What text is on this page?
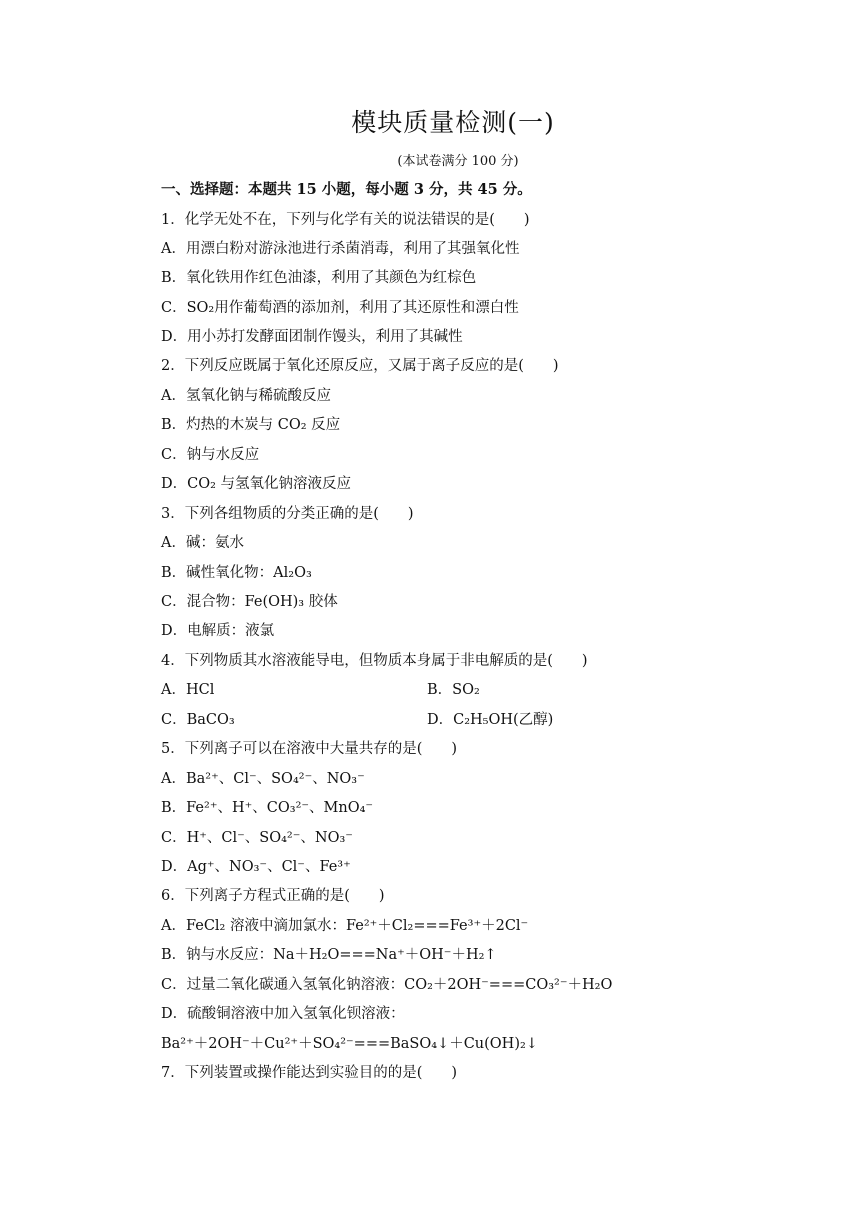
模块质量检测(一)
(本试卷满分 100 分)
一、选择题：本题共 15 小题，每小题 3 分，共 45 分。
1．化学无处不在，下列与化学有关的说法错误的是(　　)
A．用漂白粉对游泳池进行杀菌消毒，利用了其强氧化性
B．氧化铁用作红色油漆，利用了其颜色为红棕色
C．SO₂用作葡萄酒的添加剂，利用了其还原性和漂白性
D．用小苏打发酵面团制作馒头，利用了其碱性
2．下列反应既属于氧化还原反应，又属于离子反应的是(　　)
A．氢氧化钠与稀硫酸反应
B．灼热的木炭与 CO₂ 反应
C．钠与水反应
D．CO₂ 与氢氧化钠溶液反应
3．下列各组物质的分类正确的是(　　)
A．碱：氨水
B．碱性氧化物：Al₂O₃
C．混合物：Fe(OH)₃ 胶体
D．电解质：液氯
4．下列物质其水溶液能导电，但物质本身属于非电解质的是(　　)
A．HCl	B．SO₂
C．BaCO₃	D．C₂H₅OH(乙醇)
5．下列离子可以在溶液中大量共存的是(　　)
A．Ba²⁺、Cl⁻、SO₄²⁻、NO₃⁻
B．Fe²⁺、H⁺、CO₃²⁻、MnO₄⁻
C．H⁺、Cl⁻、SO₄²⁻、NO₃⁻
D．Ag⁺、NO₃⁻、Cl⁻、Fe³⁺
6．下列离子方程式正确的是(　　)
A．FeCl₂ 溶液中滴加氯水：Fe²⁺＋Cl₂===Fe³⁺＋2Cl⁻
B．钠与水反应：Na＋H₂O===Na⁺＋OH⁻＋H₂↑
C．过量二氧化碳通入氢氧化钠溶液：CO₂＋2OH⁻===CO₃²⁻＋H₂O
D．硫酸铜溶液中加入氢氧化钡溶液：
Ba²⁺＋2OH⁻＋Cu²⁺＋SO₄²⁻===BaSO₄↓＋Cu(OH)₂↓
7．下列装置或操作能达到实验目的的是(　　)
